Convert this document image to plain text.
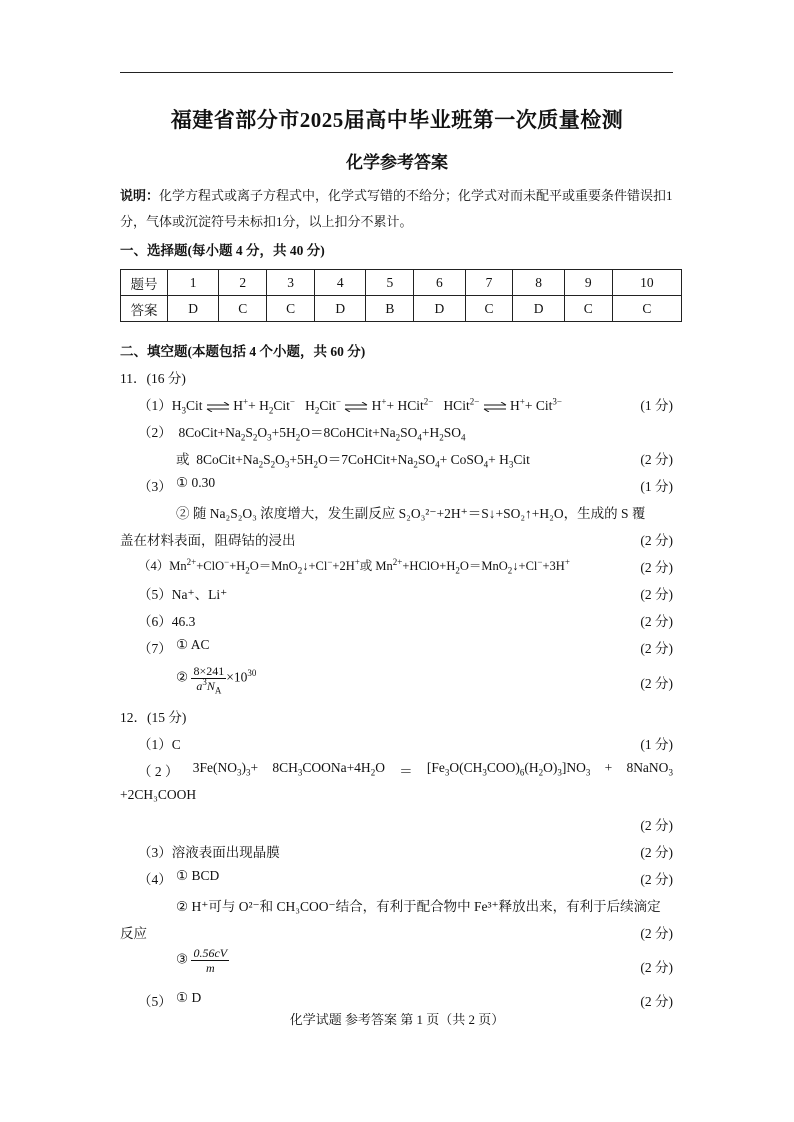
福建省部分市2025届高中毕业班第一次质量检测
化学参考答案
说明：化学方程式或离子方程式中，化学式写错的不给分；化学式对而未配平或重要条件错误扣1分，气体或沉淀符号未标扣1分，以上扣分不累计。
一、选择题(每小题 4 分，共 40 分)
题号	1	2	3	4	5	6	7	8	9	10
答案	D	C	C	D	B	D	C	D	C	C
二、填空题(本题包括 4 个小题，共 60 分)
11．(16 分)
$(1)H_3Cit$ ⇌ $H^++ H_2Cit^-$   $H_2Cit^-$ ⇌ H++ HCit$^{2-}$   HCit$^{2-}$ ⇌ H++ Cit$^{3-}$	(1 分)
（2）  $8CoCit+Na_2S_2O_3+5H_2O=8CoHCit+Na_2SO_4+H_2SO_4$
或  $8CoCit+Na_2S_2O_3+5H_2O=7CoHCit+Na_2SO_4+$ CoSO$_4$+ $H_3Cit$	(2 分)
（3） ① 0.30	(1 分)
② 随 Na₂S₂O₃ 浓度增大，发生副反应 S₂O₃²⁻+2H⁺＝S↓+SO₂↑+H₂O，生成的 S 覆
盖在材料表面，阻碍钴的浸出	(2 分)
$(4)Mn^{2+}+ClO^-+H_2O=MnO_2↓+Cl^-+2H^+$或 $Mn^{2+}+HClO+H_2O=MnO_2↓+Cl^-+3H^+$	(2 分)
（5）Na⁺、Li⁺	(2 分)
（6）46.3	(2 分)
（7） ① AC	(2 分)
② $\frac{8\times 241}{a^3N_A} \times 10^{30}$
(2 分)
12．(15 分)
（1）C	(1 分)
（ 2 ） $3Fe(NO_3)_3+$ $8CH_3COONa+4H_2O = [Fe_3O(CH_3COO)_6(H_2O)_3]NO_3$ + 8NaNO$_3$
+2CH₃COOH
(2 分)
（3）溶液表面出现晶膜	(2 分)
（4） ① BCD	(2 分)
② H⁺可与 O²⁻和 CH₃COO⁻结合，有利于配合物中 Fe³⁺释放出来，有利于后续滴定
反应	(2 分)
③ $\frac{0.56cV}{m}$	(2 分)
（5） ① D	(2 分)
化学试题 参考答案 第 1 页（共 2 页）
